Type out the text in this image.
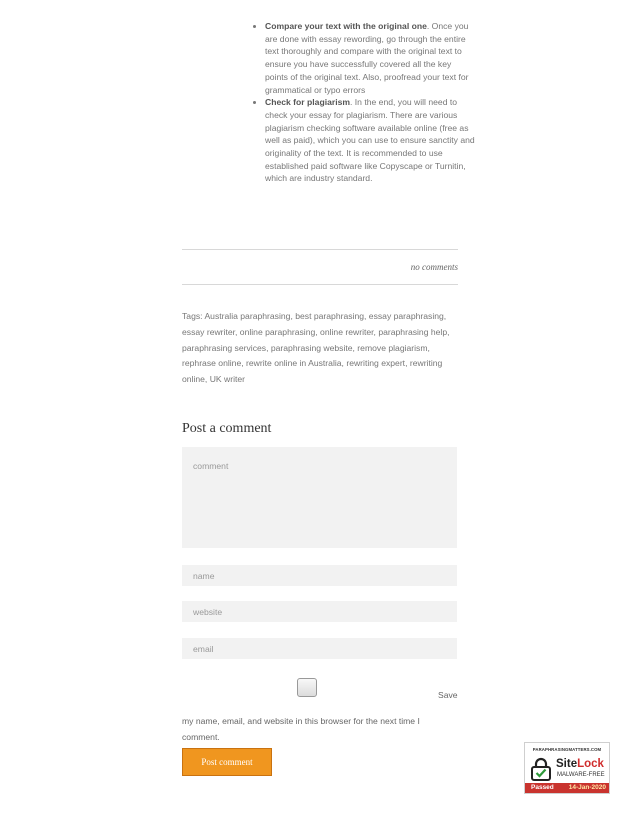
• Compare your text with the original one. Once you are done with essay rewording, go through the entire text thoroughly and compare with the original text to ensure you have successfully covered all the key points of the original text. Also, proofread your text for grammatical or typo errors
• Check for plagiarism. In the end, you will need to check your essay for plagiarism. There are various plagiarism checking software available online (free as well as paid), which you can use to ensure sanctity and originality of the text. It is recommended to use established paid software like Copyscape or Turnitin, which are industry standard.
no comments
Tags: Australia paraphrasing, best paraphrasing, essay paraphrasing, essay rewriter, online paraphrasing, online rewriter, paraphrasing help, paraphrasing services, paraphrasing website, remove plagiarism, rephrase online, rewrite online in Australia, rewriting expert, rewriting online, UK writer
Post a comment
comment
name
website
email
Save
my name, email, and website in this browser for the next time I comment.
Post comment
PARAPHRASINGMATTERS.COM
SiteLock
MALWARE-FREE
Passed 14-Jan-2020
